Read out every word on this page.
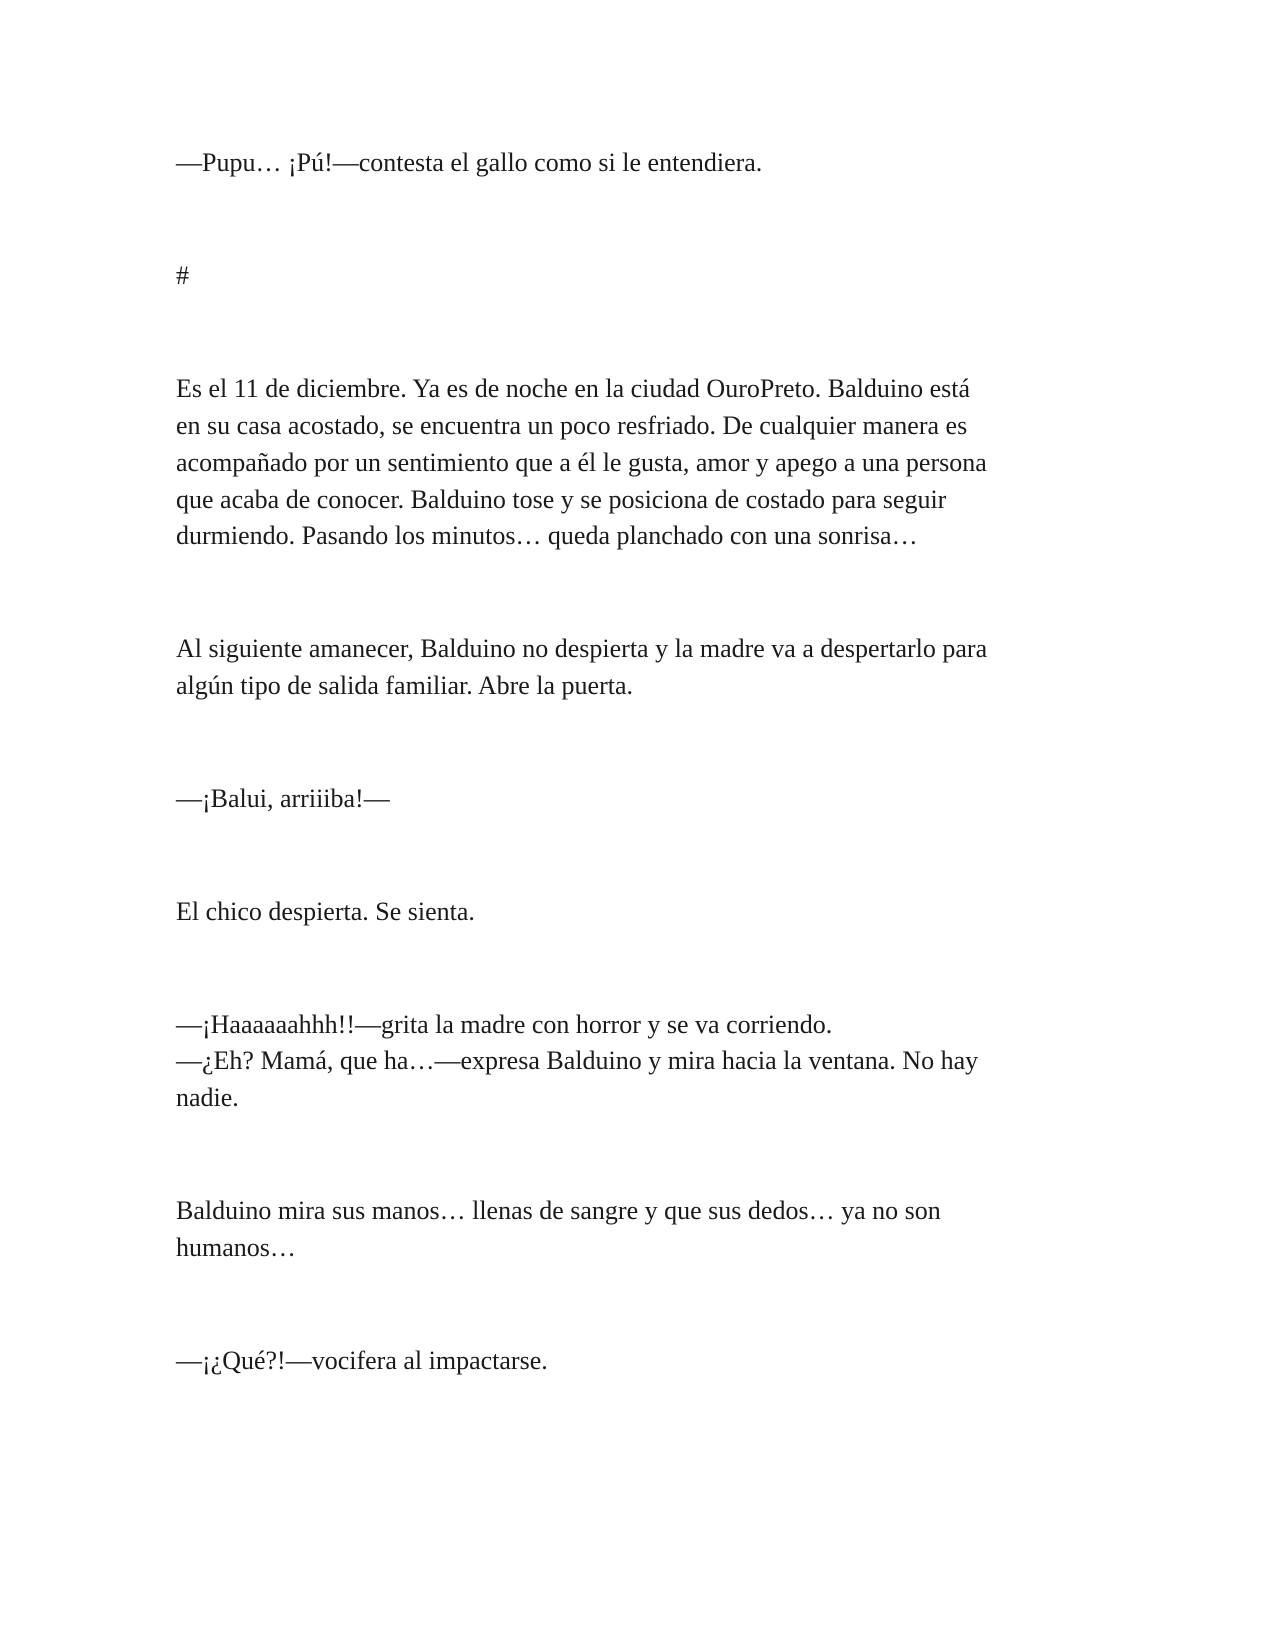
—Pupu… ¡Pú!—contesta el gallo como si le entendiera.

#

Es el 11 de diciembre. Ya es de noche en la ciudad OuroPreto. Balduino está

en su casa acostado, se encuentra un poco resfriado. De cualquier manera es

acompañado por un sentimiento que a él le gusta, amor y apego a una persona

que acaba de conocer. Balduino tose y se posiciona de costado para seguir

durmiendo. Pasando los minutos… queda planchado con una sonrisa…

Al siguiente amanecer, Balduino no despierta y la madre va a despertarlo para

algún tipo de salida familiar. Abre la puerta.

—¡Balui, arriiiba!—

El chico despierta. Se sienta.

—¡Haaaaaahhh!!—grita la madre con horror y se va corriendo.

—¿Eh? Mamá, que ha…—expresa Balduino y mira hacia la ventana. No hay

nadie.

Balduino mira sus manos… llenas de sangre y que sus dedos… ya no son

humanos…

—¡¿Qué?!—vocifera al impactarse.
